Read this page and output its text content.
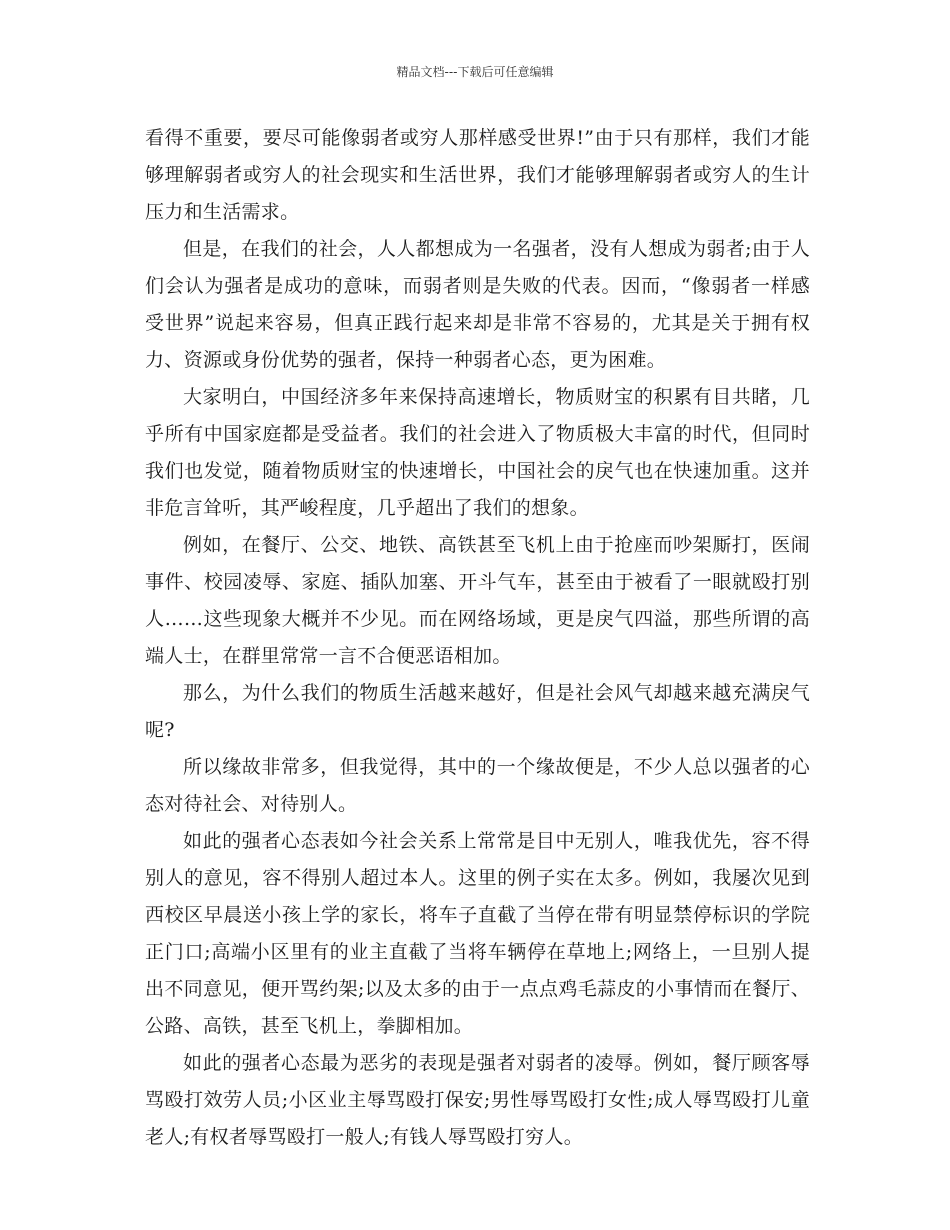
精品文档---下载后可任意编辑

看得不重要，要尽可能像弱者或穷人那样感受世界!”由于只有那样，我们才能够理解弱者或穷人的社会现实和生活世界，我们才能够理解弱者或穷人的生计压力和生活需求。

但是，在我们的社会，人人都想成为一名强者，没有人想成为弱者;由于人们会认为强者是成功的意味，而弱者则是失败的代表。因而，“像弱者一样感受世界”说起来容易，但真正践行起来却是非常不容易的，尤其是关于拥有权力、资源或身份优势的强者，保持一种弱者心态，更为困难。

大家明白，中国经济多年来保持高速增长，物质财宝的积累有目共睹，几乎所有中国家庭都是受益者。我们的社会进入了物质极大丰富的时代，但同时我们也发觉，随着物质财宝的快速增长，中国社会的戾气也在快速加重。这并非危言耸听，其严峻程度，几乎超出了我们的想象。

例如，在餐厅、公交、地铁、高铁甚至飞机上由于抢座而吵架厮打，医闹事件、校园凌辱、家庭、插队加塞、开斗气车，甚至由于被看了一眼就殴打别人……这些现象大概并不少见。而在网络场域，更是戾气四溢，那些所谓的高端人士，在群里常常一言不合便恶语相加。

那么，为什么我们的物质生活越来越好，但是社会风气却越来越充满戾气呢?

所以缘故非常多，但我觉得，其中的一个缘故便是，不少人总以强者的心态对待社会、对待别人。

如此的强者心态表如今社会关系上常常是目中无别人，唯我优先，容不得别人的意见，容不得别人超过本人。这里的例子实在太多。例如，我屡次见到西校区早晨送小孩上学的家长，将车子直截了当停在带有明显禁停标识的学院正门口;高端小区里有的业主直截了当将车辆停在草地上;网络上，一旦别人提出不同意见，便开骂约架;以及太多的由于一点点鸡毛蒜皮的小事情而在餐厅、公路、高铁，甚至飞机上，拳脚相加。

如此的强者心态最为恶劣的表现是强者对弱者的凌辱。例如，餐厅顾客辱骂殴打效劳人员;小区业主辱骂殴打保安;男性辱骂殴打女性;成人辱骂殴打儿童老人;有权者辱骂殴打一般人;有钱人辱骂殴打穷人。
